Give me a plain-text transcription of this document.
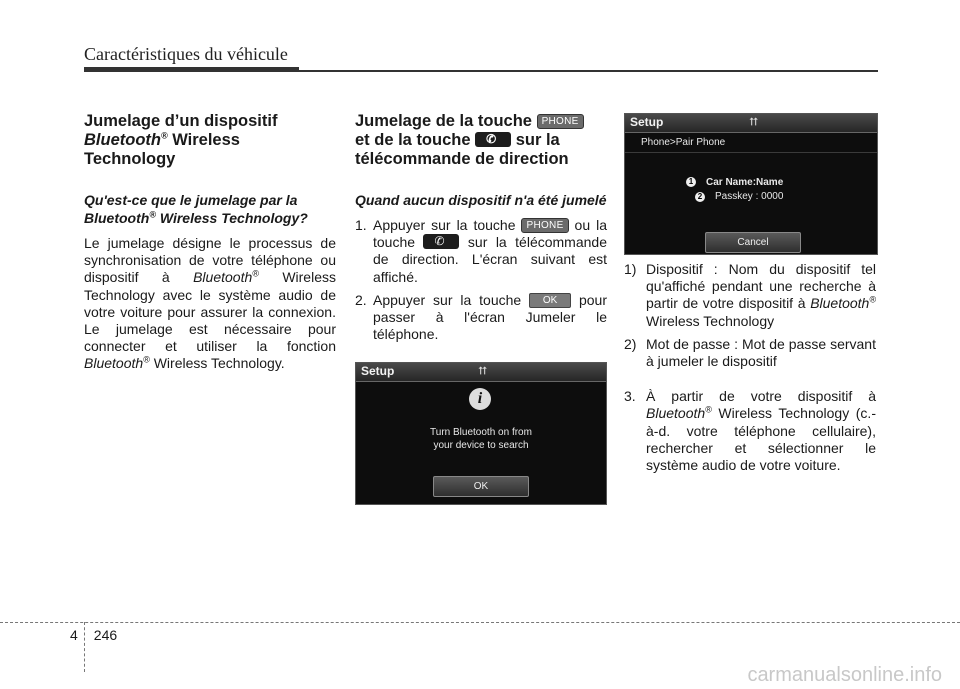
Caractéristiques du véhicule
Jumelage d’un dispositif
Bluetooth® Wireless
Technology
Qu'est-ce que le jumelage par la
Bluetooth® Wireless Technology?

Le jumelage désigne le processus de synchronisation de votre téléphone ou dispositif à Bluetooth® Wireless Technology avec le système audio de votre voiture pour assurer la connexion. Le jumelage est nécessaire pour connecter et utiliser la fonction Bluetooth® Wireless Technology.

Jumelage de la touche PHONE
et de la touche ✆ sur la
télécommande de direction
Quand aucun dispositif n'a été jumelé
1. Appuyer sur la touche PHONE ou la touche ✆ sur la télécommande de direction. L'écran suivant est affiché.
2. Appuyer sur la touche OK pour passer à l'écran Jumeler le téléphone.
Setup	⮅
i
Turn Bluetooth on from
your device to search
OK
Setup	⮅
Phone>Pair Phone
1
2
Car Name:Name
Passkey : 0000
Cancel
1) Dispositif : Nom du dispositif tel qu'affiché pendant une recherche à partir de votre dispositif à Bluetooth® Wireless Technology
2) Mot de passe : Mot de passe servant à jumeler le dispositif
3. À partir de votre dispositif à Bluetooth® Wireless Technology (c.-à-d. votre téléphone cellulaire), rechercher et sélectionner le système audio de votre voiture.
4 246
carmanualsonline.info
